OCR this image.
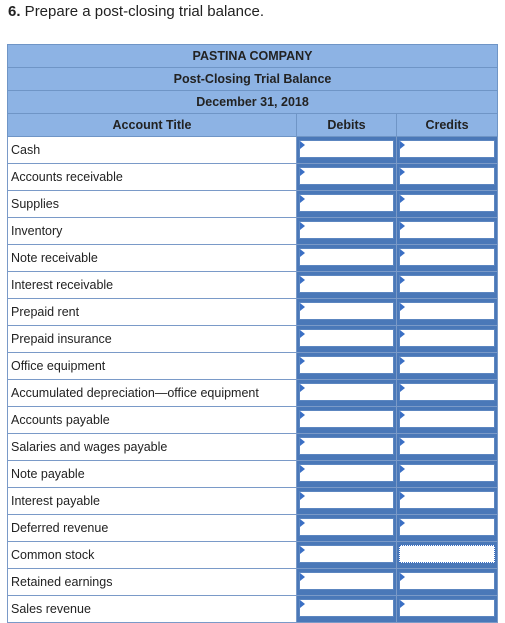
6. Prepare a post-closing trial balance.
PASTINA COMPANY		
Post-Closing Trial Balance		
December 31, 2018		
Account Title	Debits	Credits
Cash	

Accounts receivable	

Supplies	

Inventory	

Note receivable	

Interest receivable	

Prepaid rent	

Prepaid insurance	

Office equipment	

Accumulated depreciation—office equipment	

Accounts payable	

Salaries and wages payable	

Note payable	

Interest payable	

Deferred revenue	

Common stock	

Retained earnings	

Sales revenue	
